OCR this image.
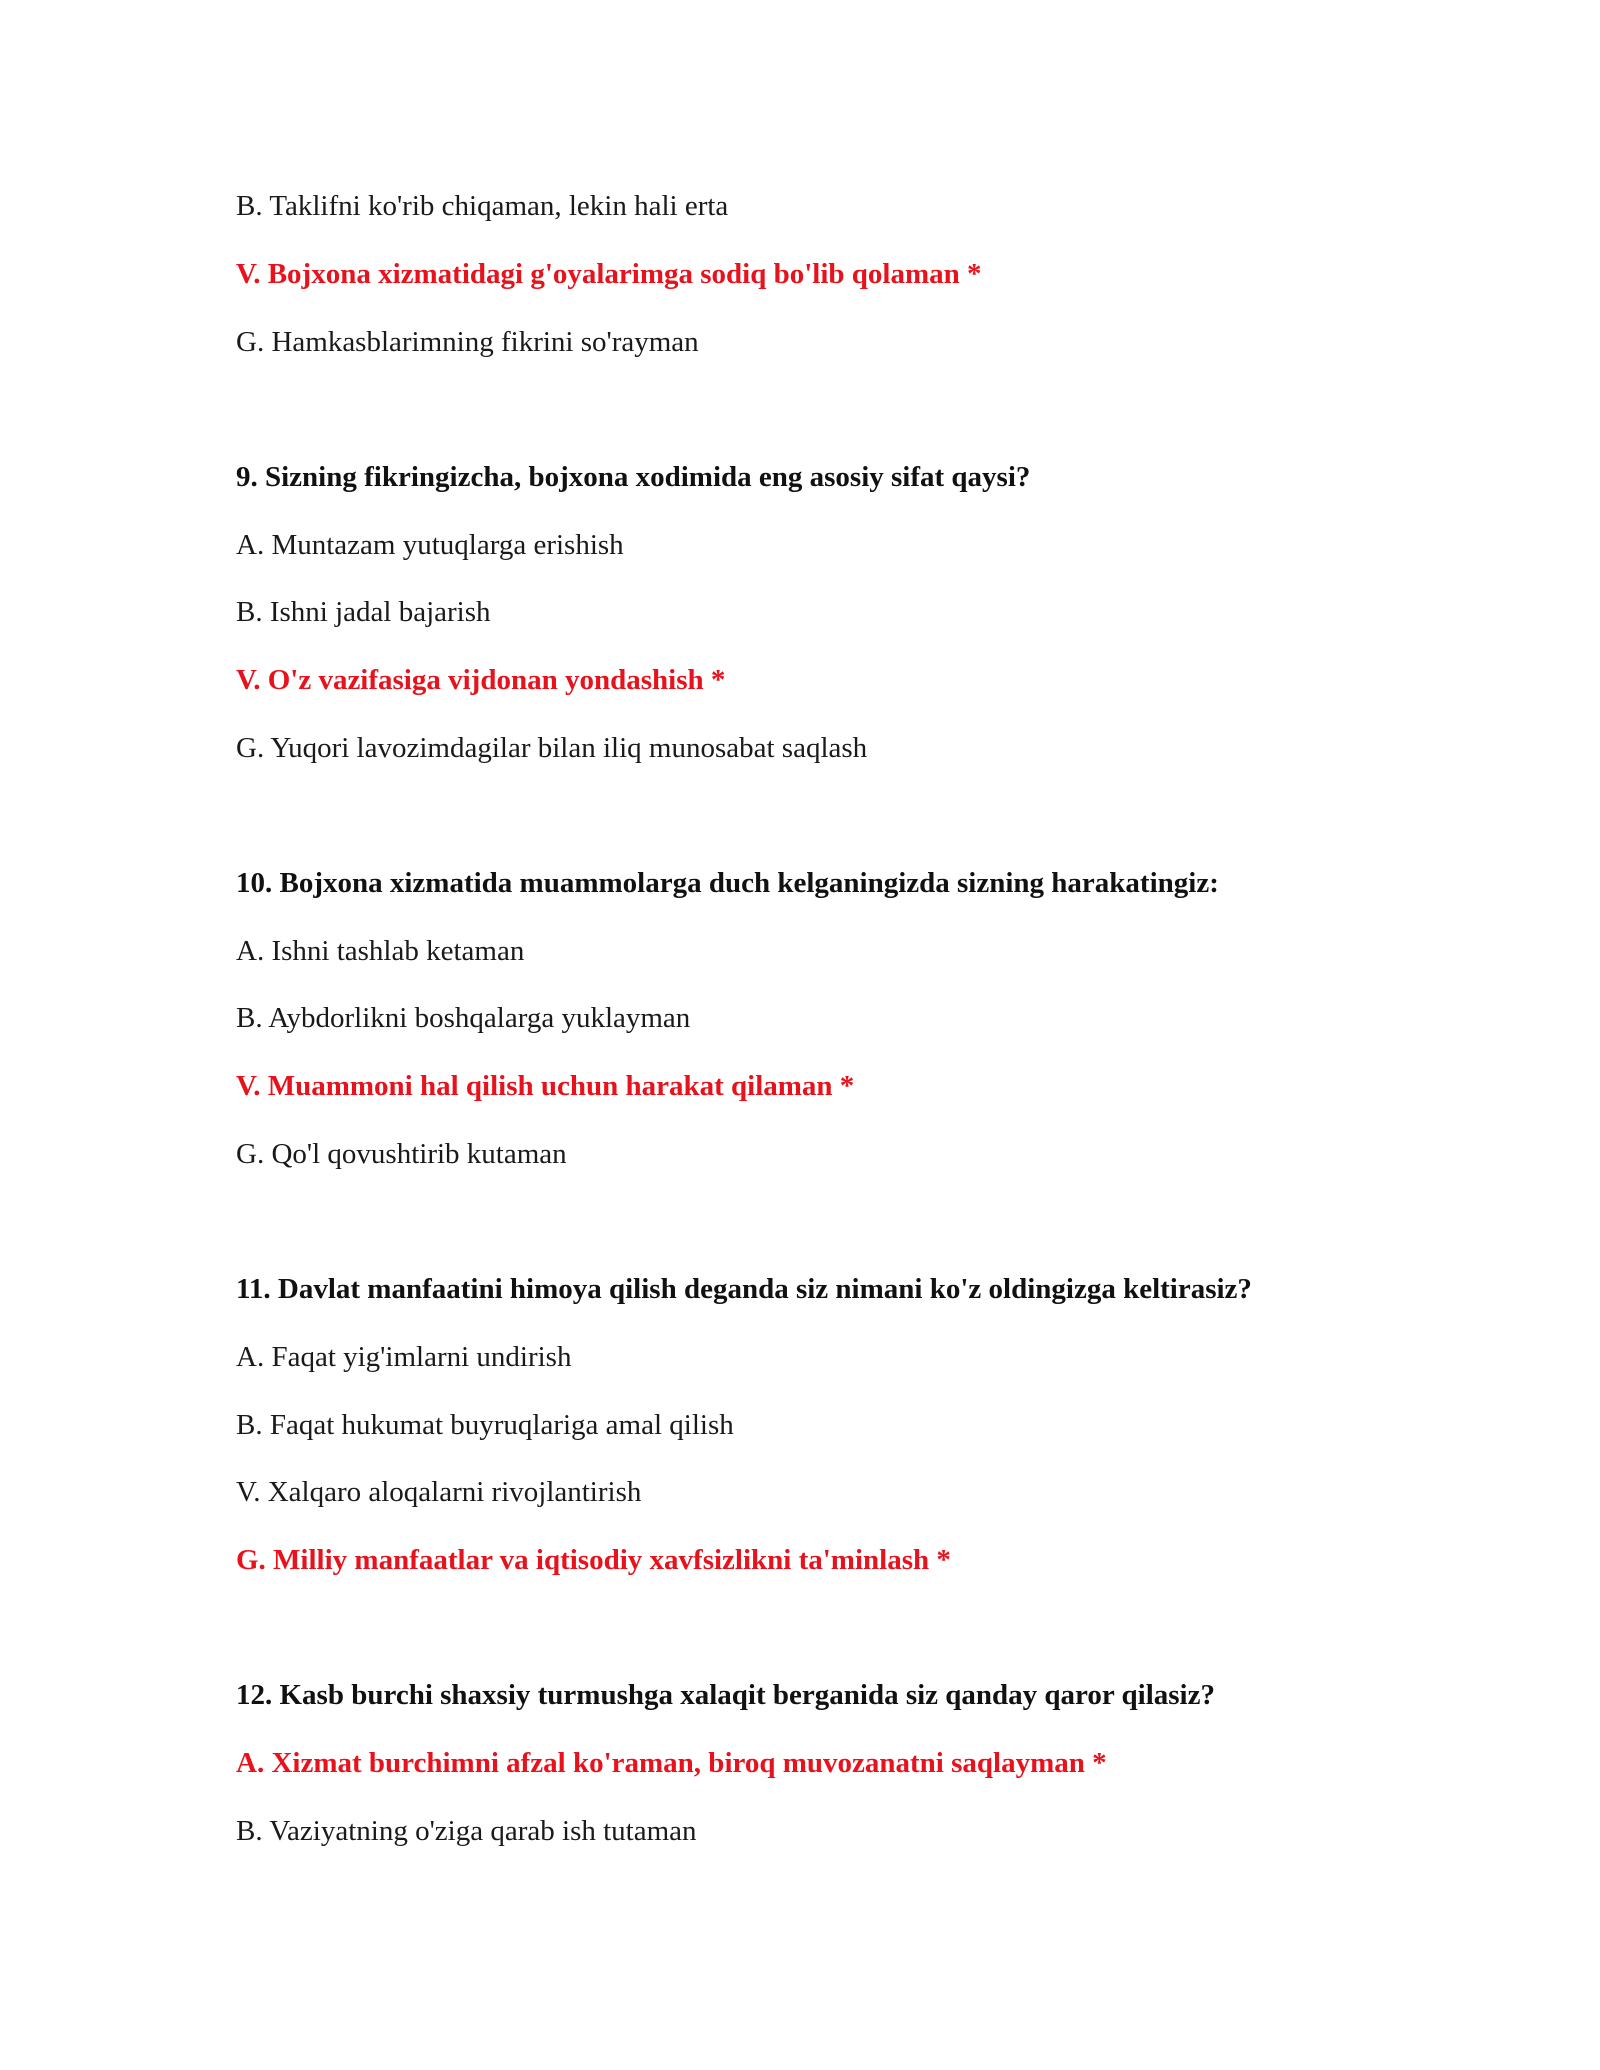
B. Taklifni ko'rib chiqaman, lekin hali erta
V. Bojxona xizmatidagi g'oyalarimga sodiq bo'lib qolaman *
G. Hamkasblarimning fikrini so'rayman
9. Sizning fikringizcha, bojxona xodimida eng asosiy sifat qaysi?
A. Muntazam yutuqlarga erishish
B. Ishni jadal bajarish
V. O'z vazifasiga vijdonan yondashish *
G. Yuqori lavozimdagilar bilan iliq munosabat saqlash
10. Bojxona xizmatida muammolarga duch kelganingizda sizning harakatingiz:
A. Ishni tashlab ketaman
B. Aybdorlikni boshqalarga yuklayman
V. Muammoni hal qilish uchun harakat qilaman *
G. Qo'l qovushtirib kutaman
11. Davlat manfaatini himoya qilish deganda siz nimani ko'z oldingizga keltirasiz?
A. Faqat yig'imlarni undirish
B. Faqat hukumat buyruqlariga amal qilish
V. Xalqaro aloqalarni rivojlantirish
G. Milliy manfaatlar va iqtisodiy xavfsizlikni ta'minlash *
12. Kasb burchi shaxsiy turmushga xalaqit berganida siz qanday qaror qilasiz?
A. Xizmat burchimni afzal ko'raman, biroq muvozanatni saqlayman *
B. Vaziyatning o'ziga qarab ish tutaman
